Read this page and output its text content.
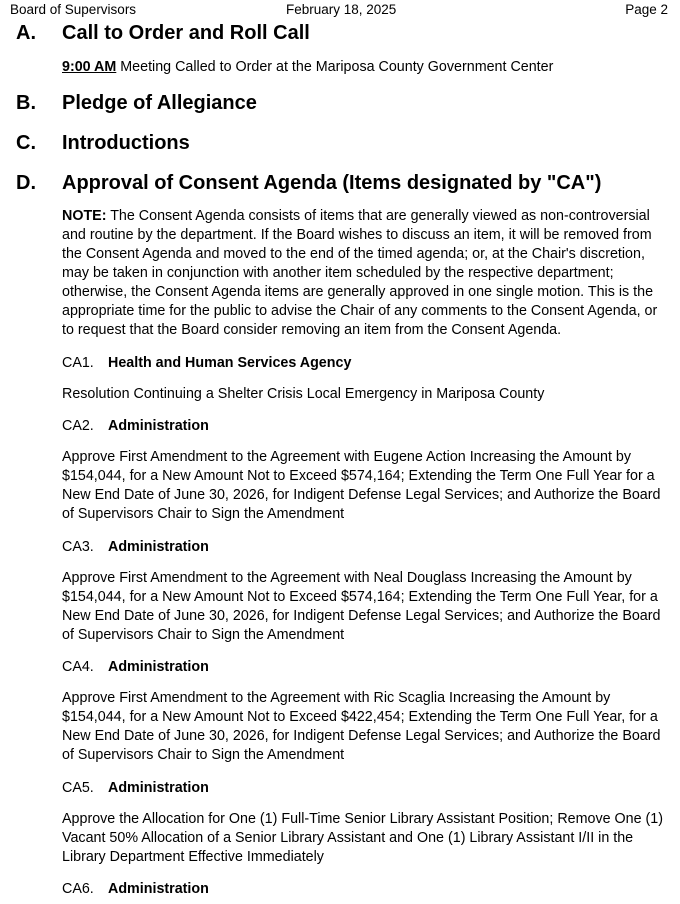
Board of Supervisors	February 18, 2025	Page 2
A. Call to Order and Roll Call
9:00 AM Meeting Called to Order at the Mariposa County Government Center
B. Pledge of Allegiance
C. Introductions
D. Approval of Consent Agenda (Items designated by "CA")
NOTE: The Consent Agenda consists of items that are generally viewed as non-controversial and routine by the department. If the Board wishes to discuss an item, it will be removed from the Consent Agenda and moved to the end of the timed agenda; or, at the Chair's discretion, may be taken in conjunction with another item scheduled by the respective department; otherwise, the Consent Agenda items are generally approved in one single motion. This is the appropriate time for the public to advise the Chair of any comments to the Consent Agenda, or to request that the Board consider removing an item from the Consent Agenda.
CA1. Health and Human Services Agency
Resolution Continuing a Shelter Crisis Local Emergency in Mariposa County
CA2. Administration
Approve First Amendment to the Agreement with Eugene Action Increasing the Amount by $154,044, for a New Amount Not to Exceed $574,164; Extending the Term One Full Year for a New End Date of June 30, 2026, for Indigent Defense Legal Services; and Authorize the Board of Supervisors Chair to Sign the Amendment
CA3. Administration
Approve First Amendment to the Agreement with Neal Douglass Increasing the Amount by $154,044, for a New Amount Not to Exceed $574,164; Extending the Term One Full Year, for a New End Date of June 30, 2026, for Indigent Defense Legal Services; and Authorize the Board of Supervisors Chair to Sign the Amendment
CA4. Administration
Approve First Amendment to the Agreement with Ric Scaglia Increasing the Amount by $154,044, for a New Amount Not to Exceed $422,454; Extending the Term One Full Year, for a New End Date of June 30, 2026, for Indigent Defense Legal Services; and Authorize the Board of Supervisors Chair to Sign the Amendment
CA5. Administration
Approve the Allocation for One (1) Full-Time Senior Library Assistant Position; Remove One (1) Vacant 50% Allocation of a Senior Library Assistant and One (1) Library Assistant I/II in the Library Department Effective Immediately
CA6. Administration
